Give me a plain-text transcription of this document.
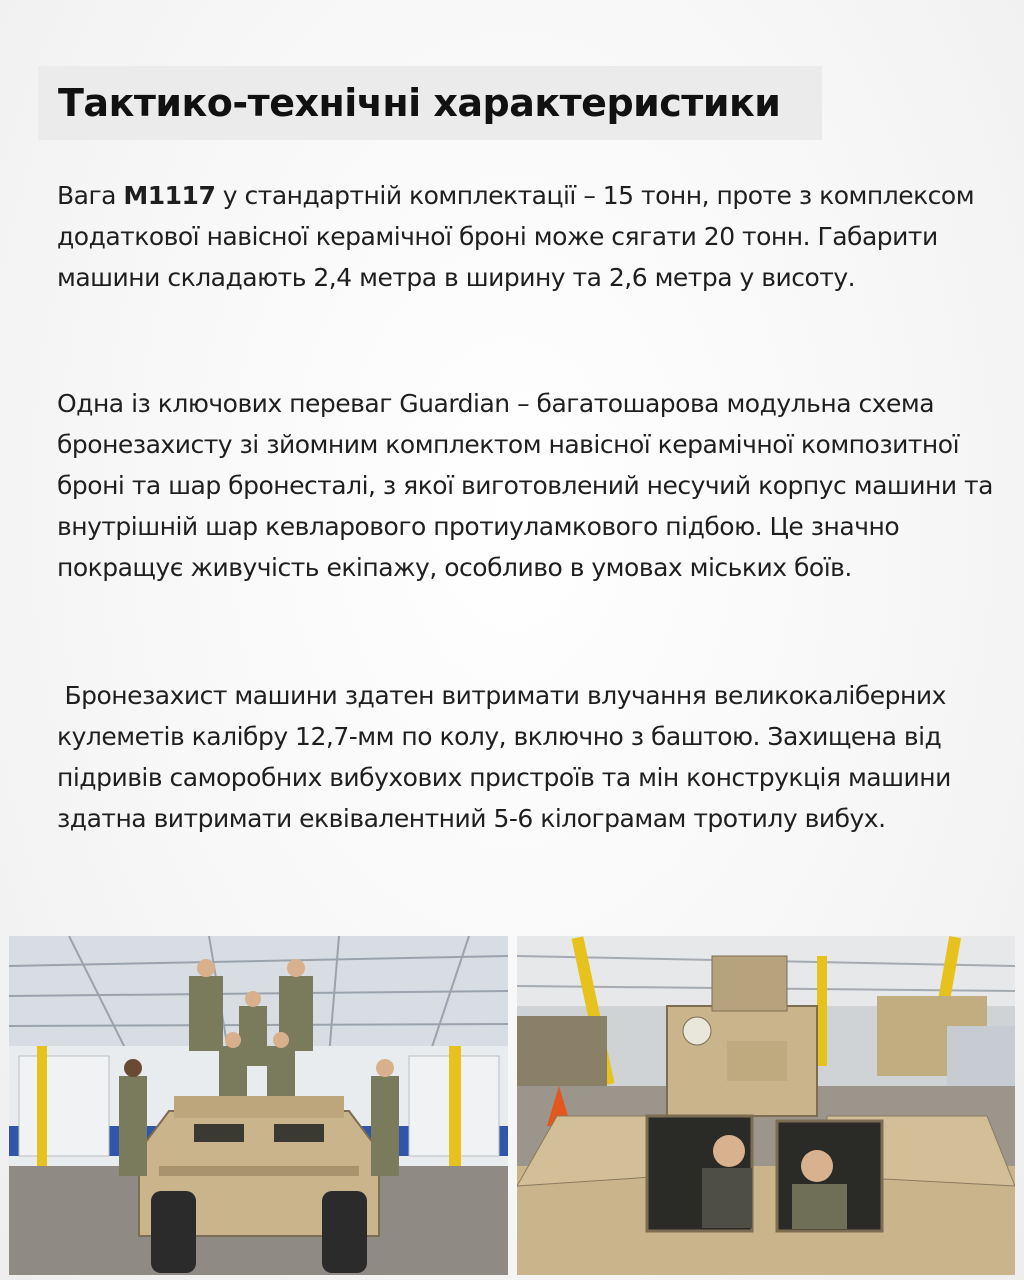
Тактико-технічні характеристики

Вага M1117 у стандартній комплектації – 15 тонн, проте з комплексом додаткової навісної керамічної броні може сягати 20 тонн. Габарити машини складають 2,4 метра в ширину та 2,6 метра у висоту.

Одна із ключових переваг Guardian – багатошарова модульна схема бронезахисту зі зйомним комплектом навісної керамічної композитної броні та шар бронесталі, з якої виготовлений несучий корпус машини та внутрішній шар кевларового протиуламкового підбою. Це значно покращує живучість екіпажу, особливо в умовах міських боїв.

Бронезахист машини здатен витримати влучання великокаліберних кулеметів калібру 12,7-мм по колу, включно з баштою. Захищена від підривів саморобних вибухових пристроїв та мін конструкція машини здатна витримати еквівалентний 5-6 кілограмам тротилу вибух.
